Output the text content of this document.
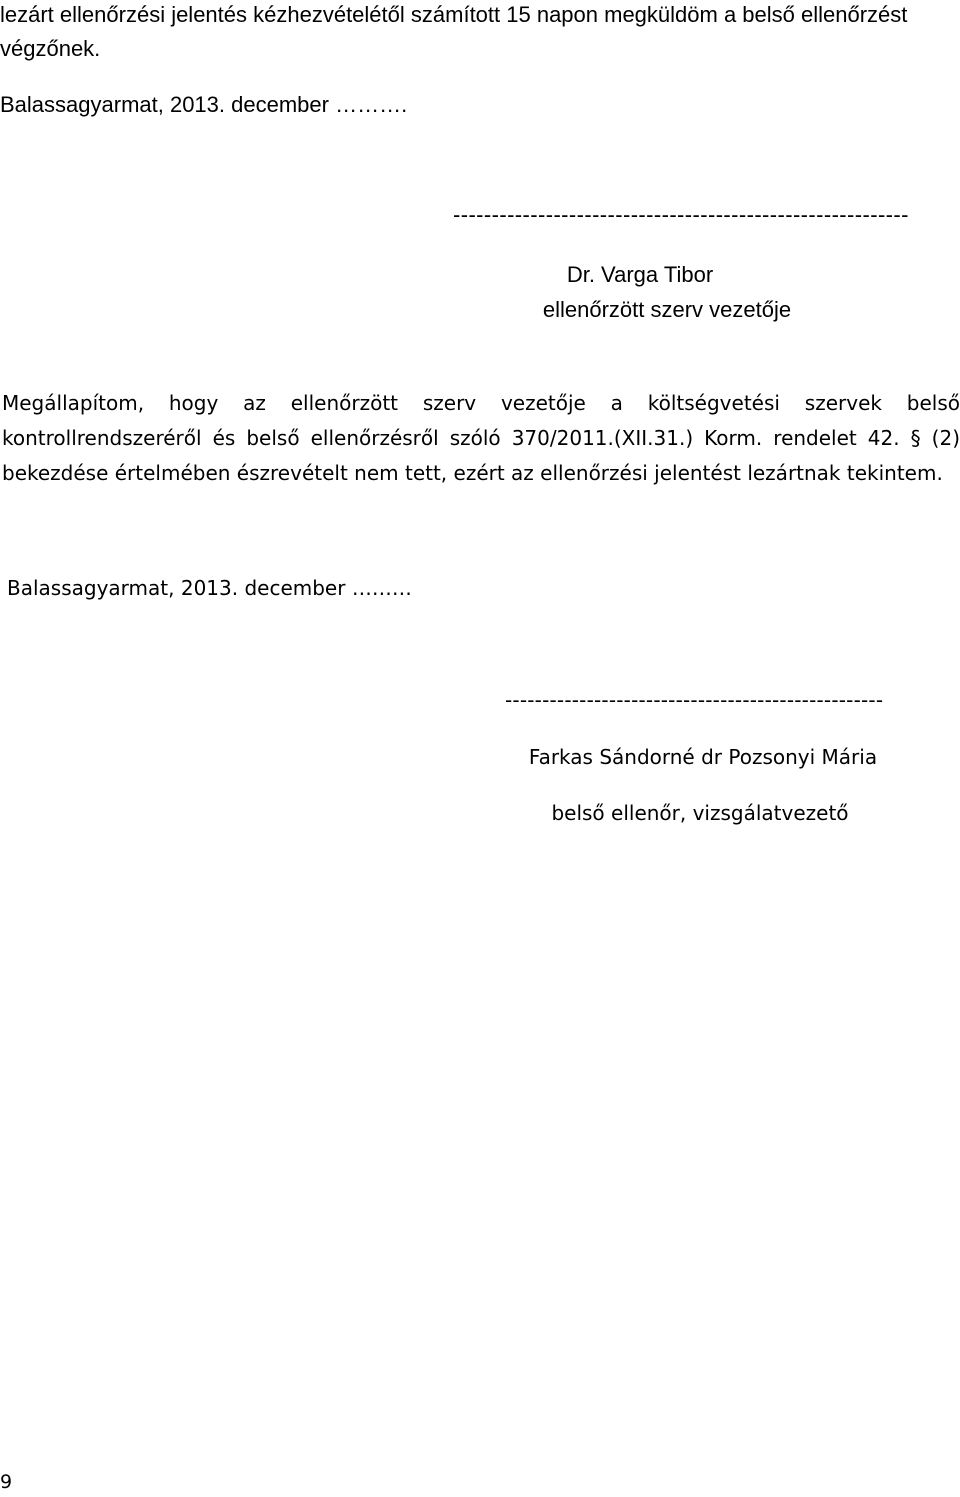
lezárt ellenőrzési jelentés kézhezvételétől számított 15 napon megküldöm a belső ellenőrzést

végzőnek.

Balassagyarmat, 2013. december ……….

-----------------------------------------------------------

Dr. Varga Tibor

ellenőrzött szerv vezetője

Megállapítom, hogy az ellenőrzött szerv vezetője a költségvetési szervek belső

kontrollrendszeréről és belső ellenőrzésről szóló 370/2011.(XII.31.) Korm. rendelet 42. § (2)

bekezdése értelmében észrevételt nem tett, ezért az ellenőrzési jelentést lezártnak tekintem.

Balassagyarmat, 2013. december ………

---------------------------------------------------

Farkas Sándorné dr Pozsonyi Mária

belső ellenőr, vizsgálatvezető

9
